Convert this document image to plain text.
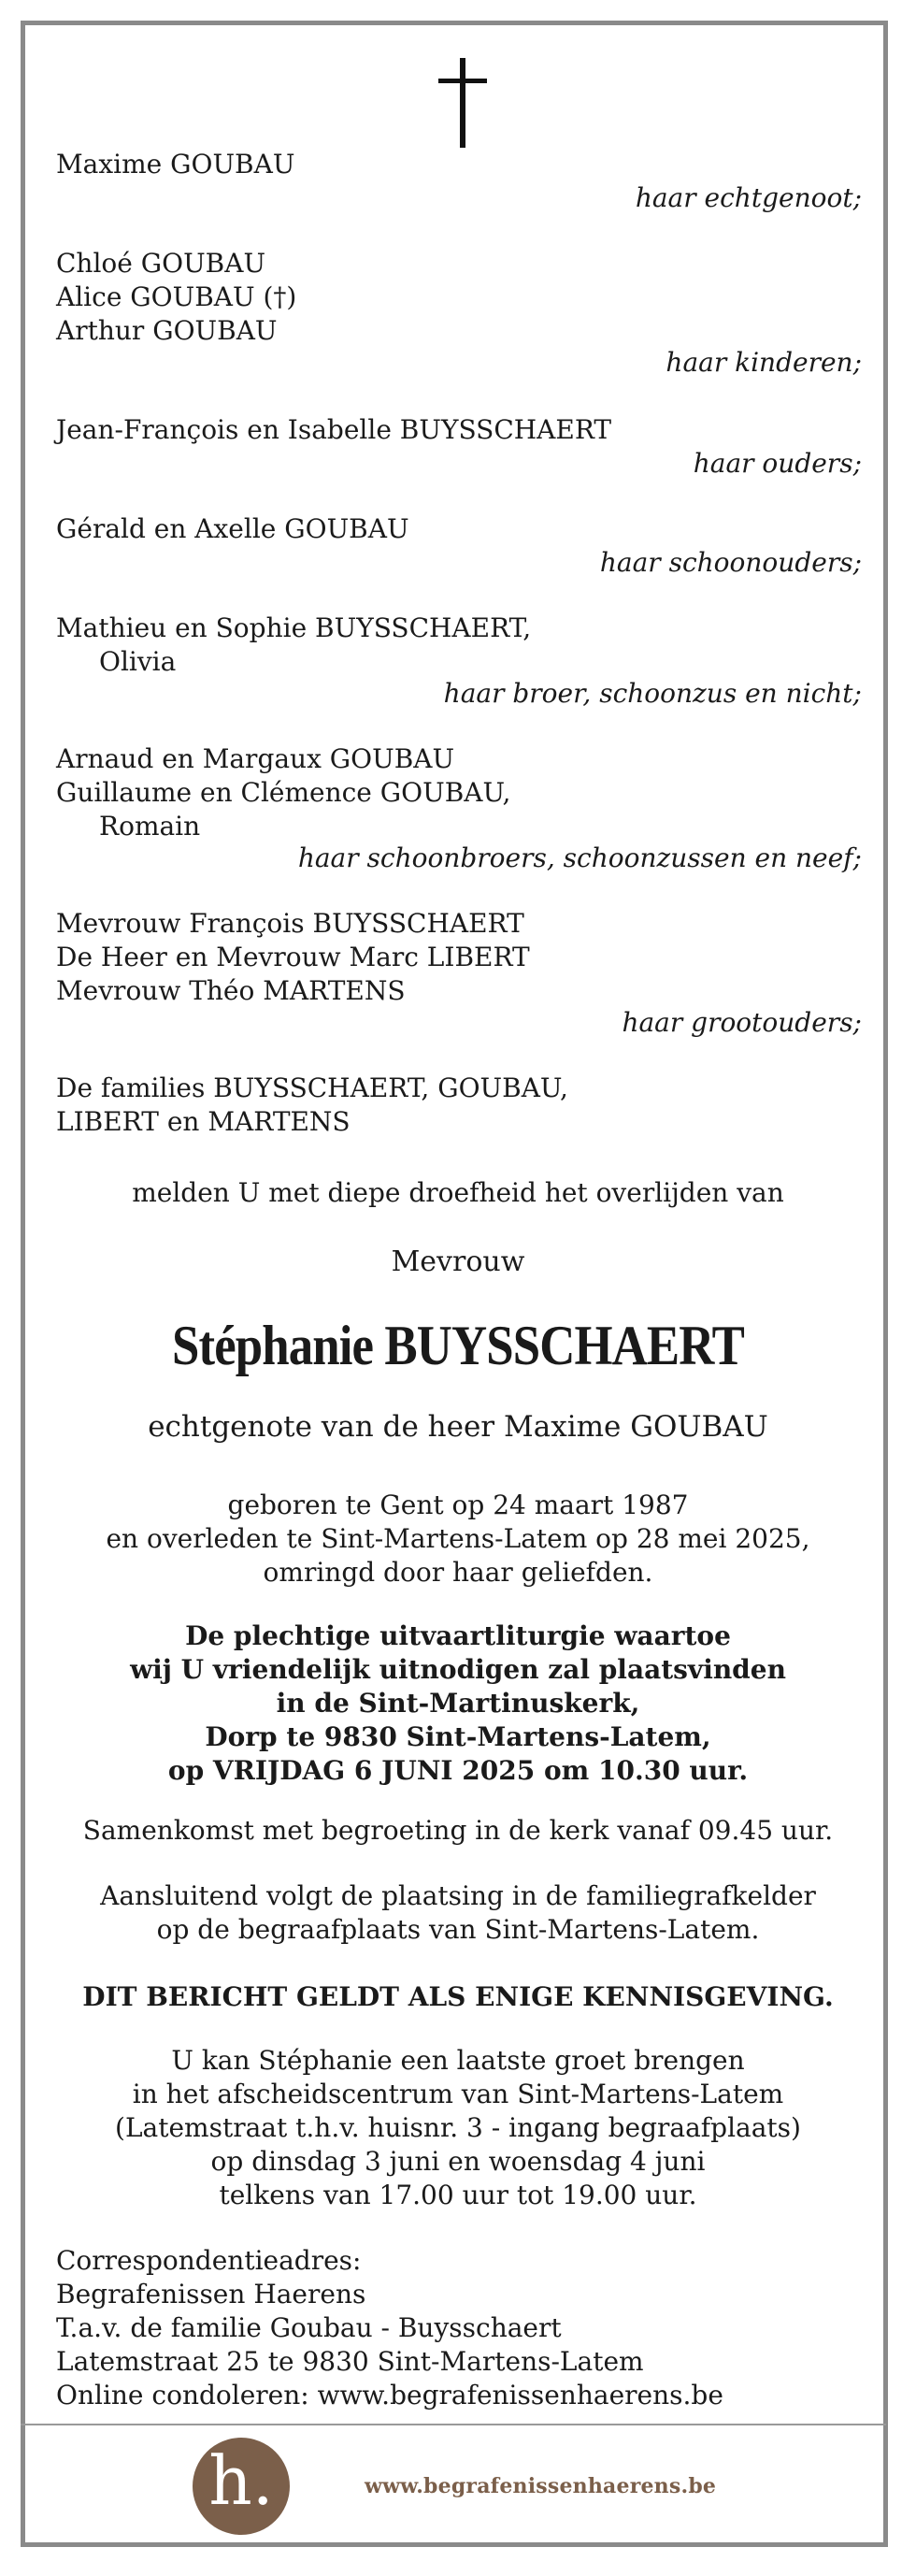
Maxime GOUBAU
haar echtgenoot;
Chloé GOUBAU
Alice GOUBAU (†)
Arthur GOUBAU
haar kinderen;
Jean-François en Isabelle BUYSSCHAERT
haar ouders;
Gérald en Axelle GOUBAU
haar schoonouders;
Mathieu en Sophie BUYSSCHAERT,
Olivia
haar broer, schoonzus en nicht;
Arnaud en Margaux GOUBAU
Guillaume en Clémence GOUBAU,
Romain
haar schoonbroers, schoonzussen en neef;
Mevrouw François BUYSSCHAERT
De Heer en Mevrouw Marc LIBERT
Mevrouw Théo MARTENS
haar grootouders;
De families BUYSSCHAERT, GOUBAU,
LIBERT en MARTENS
melden U met diepe droefheid het overlijden van
Mevrouw
Stéphanie BUYSSCHAERT
echtgenote van de heer Maxime GOUBAU
geboren te Gent op 24 maart 1987
en overleden te Sint-Martens-Latem op 28 mei 2025,
omringd door haar geliefden.
De plechtige uitvaartliturgie waartoe
wij U vriendelijk uitnodigen zal plaatsvinden
in de Sint-Martinuskerk,
Dorp te 9830 Sint-Martens-Latem,
op VRIJDAG 6 JUNI 2025 om 10.30 uur.
Samenkomst met begroeting in de kerk vanaf 09.45 uur.
Aansluitend volgt de plaatsing in de familiegrafkelder
op de begraafplaats van Sint-Martens-Latem.
DIT BERICHT GELDT ALS ENIGE KENNISGEVING.
U kan Stéphanie een laatste groet brengen
in het afscheidscentrum van Sint-Martens-Latem
(Latemstraat t.h.v. huisnr. 3 - ingang begraafplaats)
op dinsdag 3 juni en woensdag 4 juni
telkens van 17.00 uur tot 19.00 uur.
Correspondentieadres:
Begrafenissen Haerens
T.a.v. de familie Goubau - Buysschaert
Latemstraat 25 te 9830 Sint-Martens-Latem
Online condoleren: www.begrafenissenhaerens.be
h.	www.begrafenissenhaerens.be
